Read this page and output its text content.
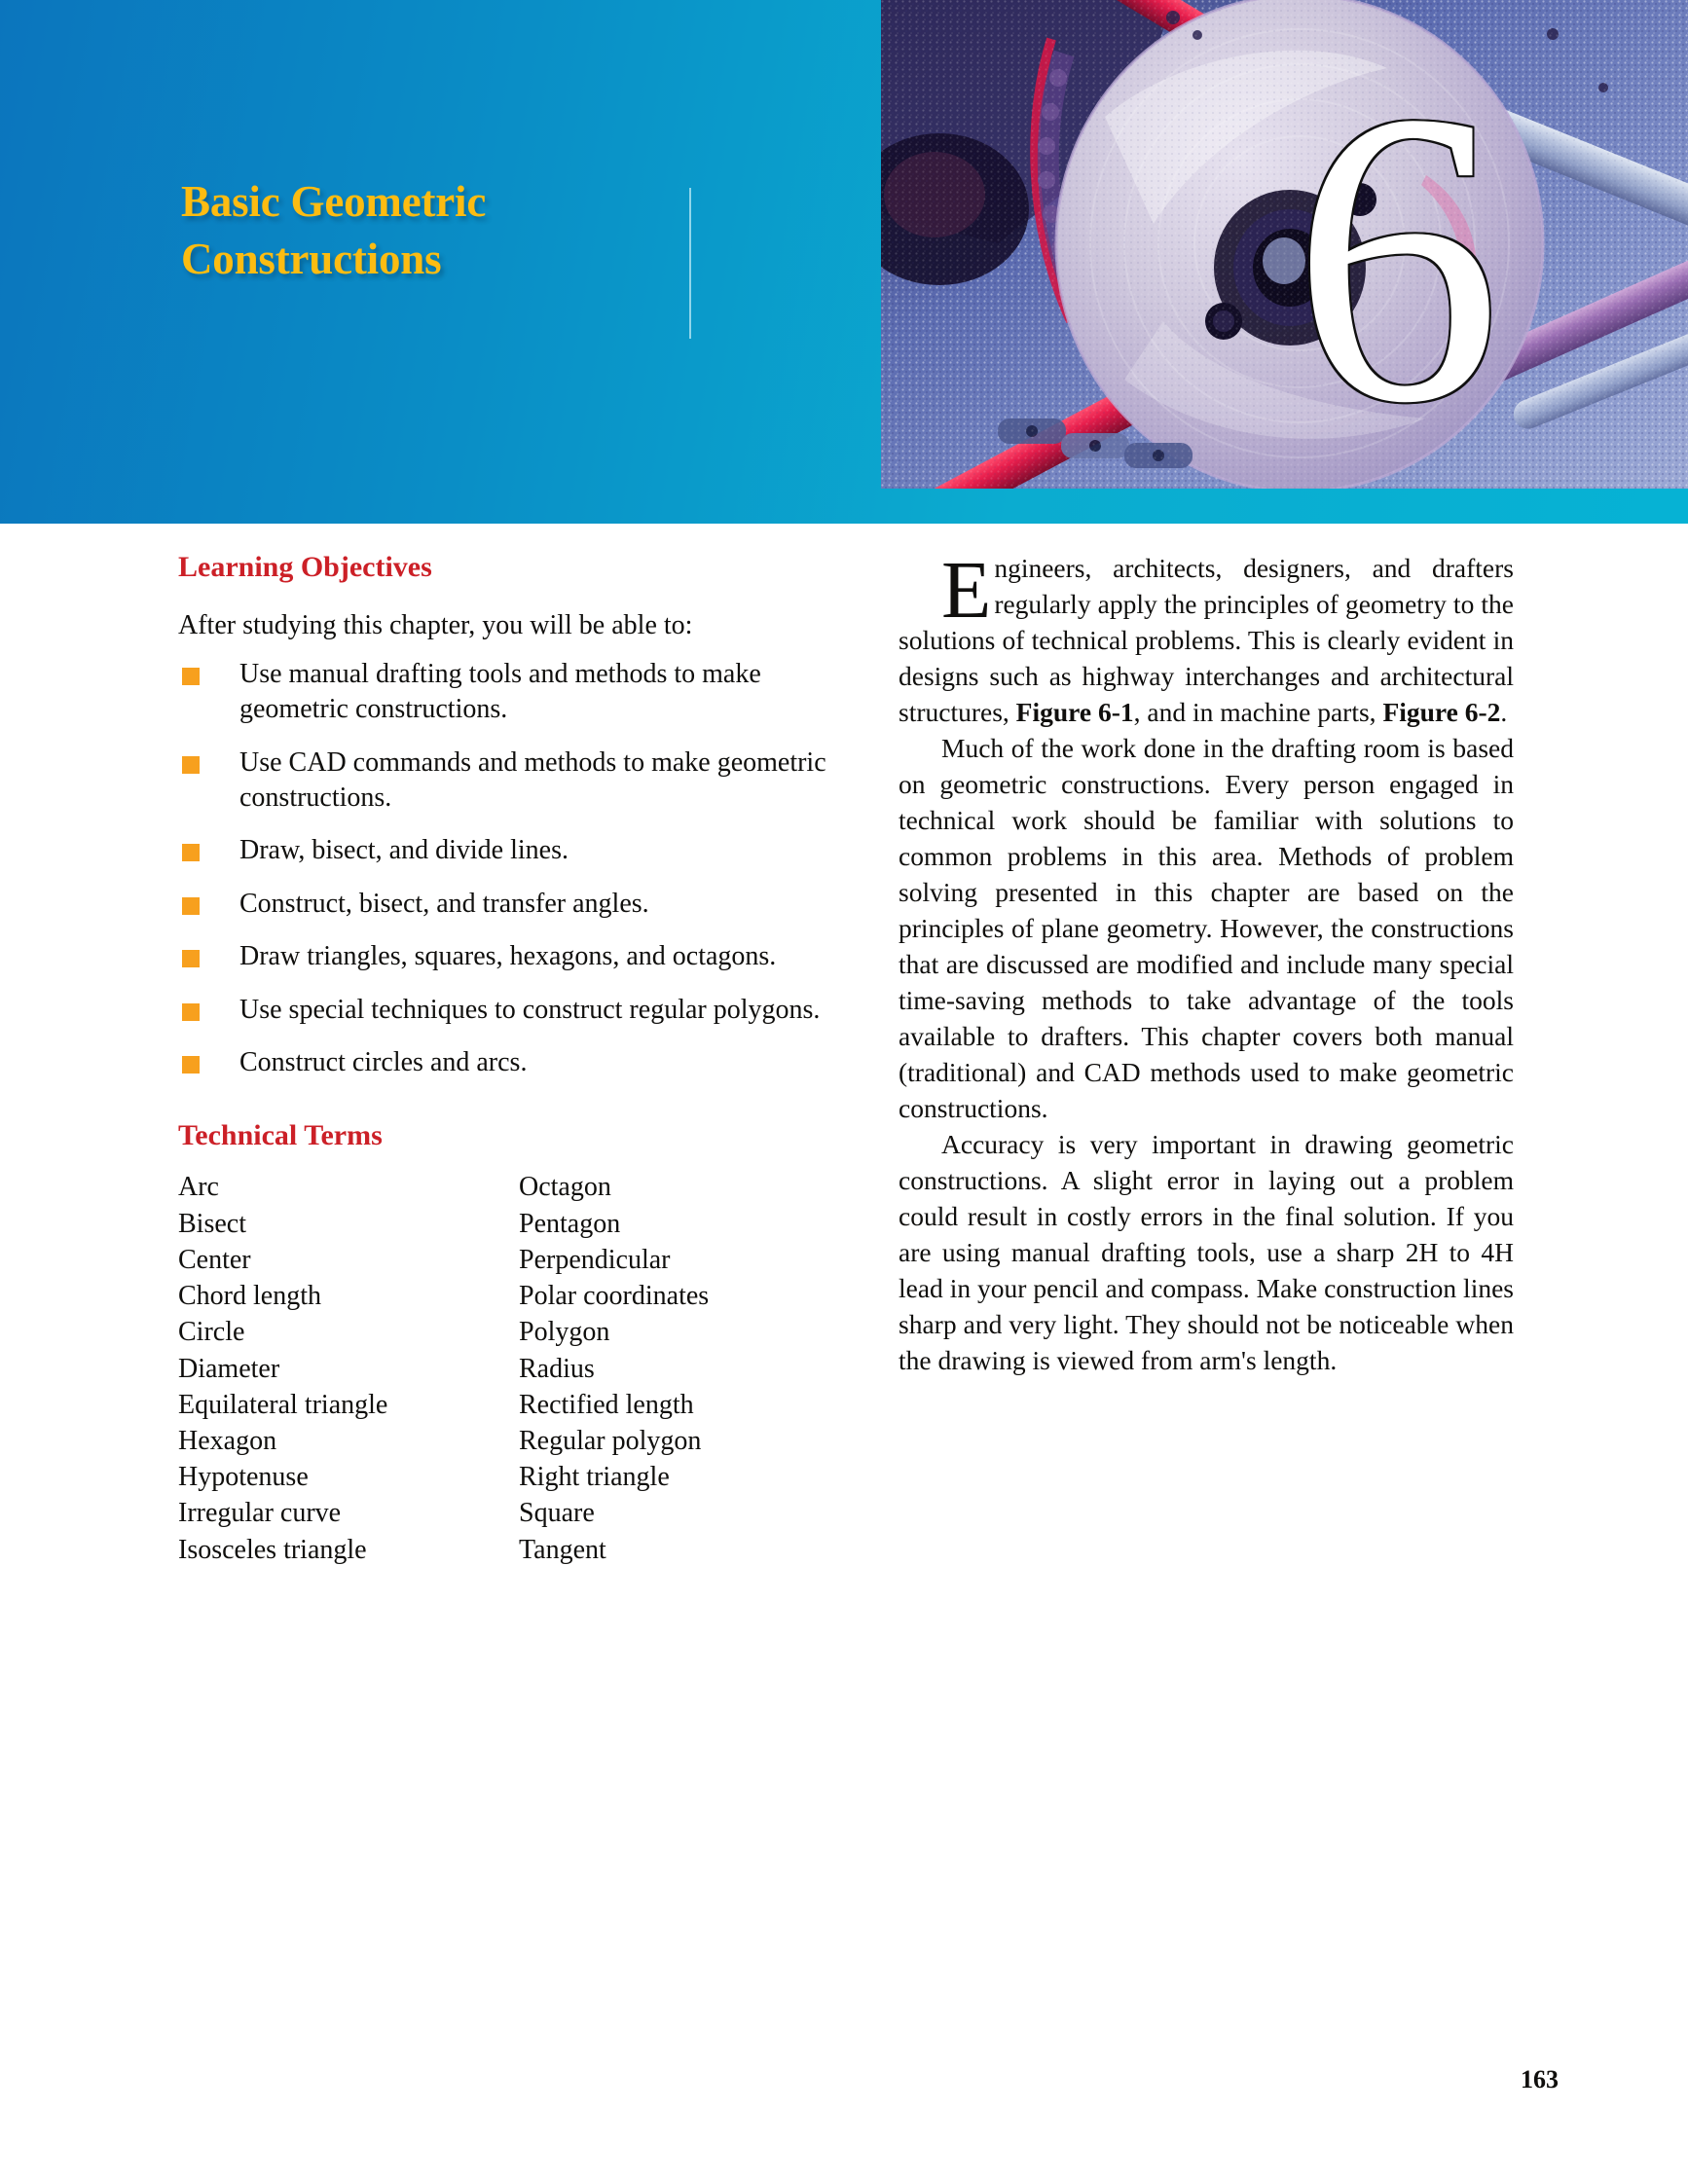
Basic Geometric
Constructions	6
Learning Objectives

After studying this chapter, you will be able to:

Use manual drafting tools and methods to make geometric constructions.
Use CAD commands and methods to make geometric constructions.
Draw, bisect, and divide lines.
Construct, bisect, and transfer angles.
Draw triangles, squares, hexagons, and octagons.
Use special techniques to construct regular polygons.
Construct circles and arcs.
Technical Terms
Arc
Bisect
Center
Chord length
Circle
Diameter
Equilateral triangle
Hexagon
Hypotenuse
Irregular curve
Isosceles triangle
Octagon
Pentagon
Perpendicular
Polar coordinates
Polygon
Radius
Rectified length
Regular polygon
Right triangle
Square
Tangent

Engineers, architects, designers, and drafters regularly apply the principles of geometry to the solutions of technical problems. This is clearly evident in designs such as highway interchanges and architectural structures, Figure 6-1, and in machine parts, Figure 6-2.

Much of the work done in the drafting room is based on geometric constructions. Every person engaged in technical work should be familiar with solutions to common problems in this area. Methods of problem solving presented in this chapter are based on the principles of plane geometry. However, the constructions that are discussed are modified and include many special time-saving methods to take advantage of the tools available to drafters. This chapter covers both manual (traditional) and CAD methods used to make geometric constructions.

Accuracy is very important in drawing geometric constructions. A slight error in laying out a problem could result in costly errors in the final solution. If you are using manual drafting tools, use a sharp 2H to 4H lead in your pencil and compass. Make construction lines sharp and very light. They should not be noticeable when the drawing is viewed from arm's length.

163
